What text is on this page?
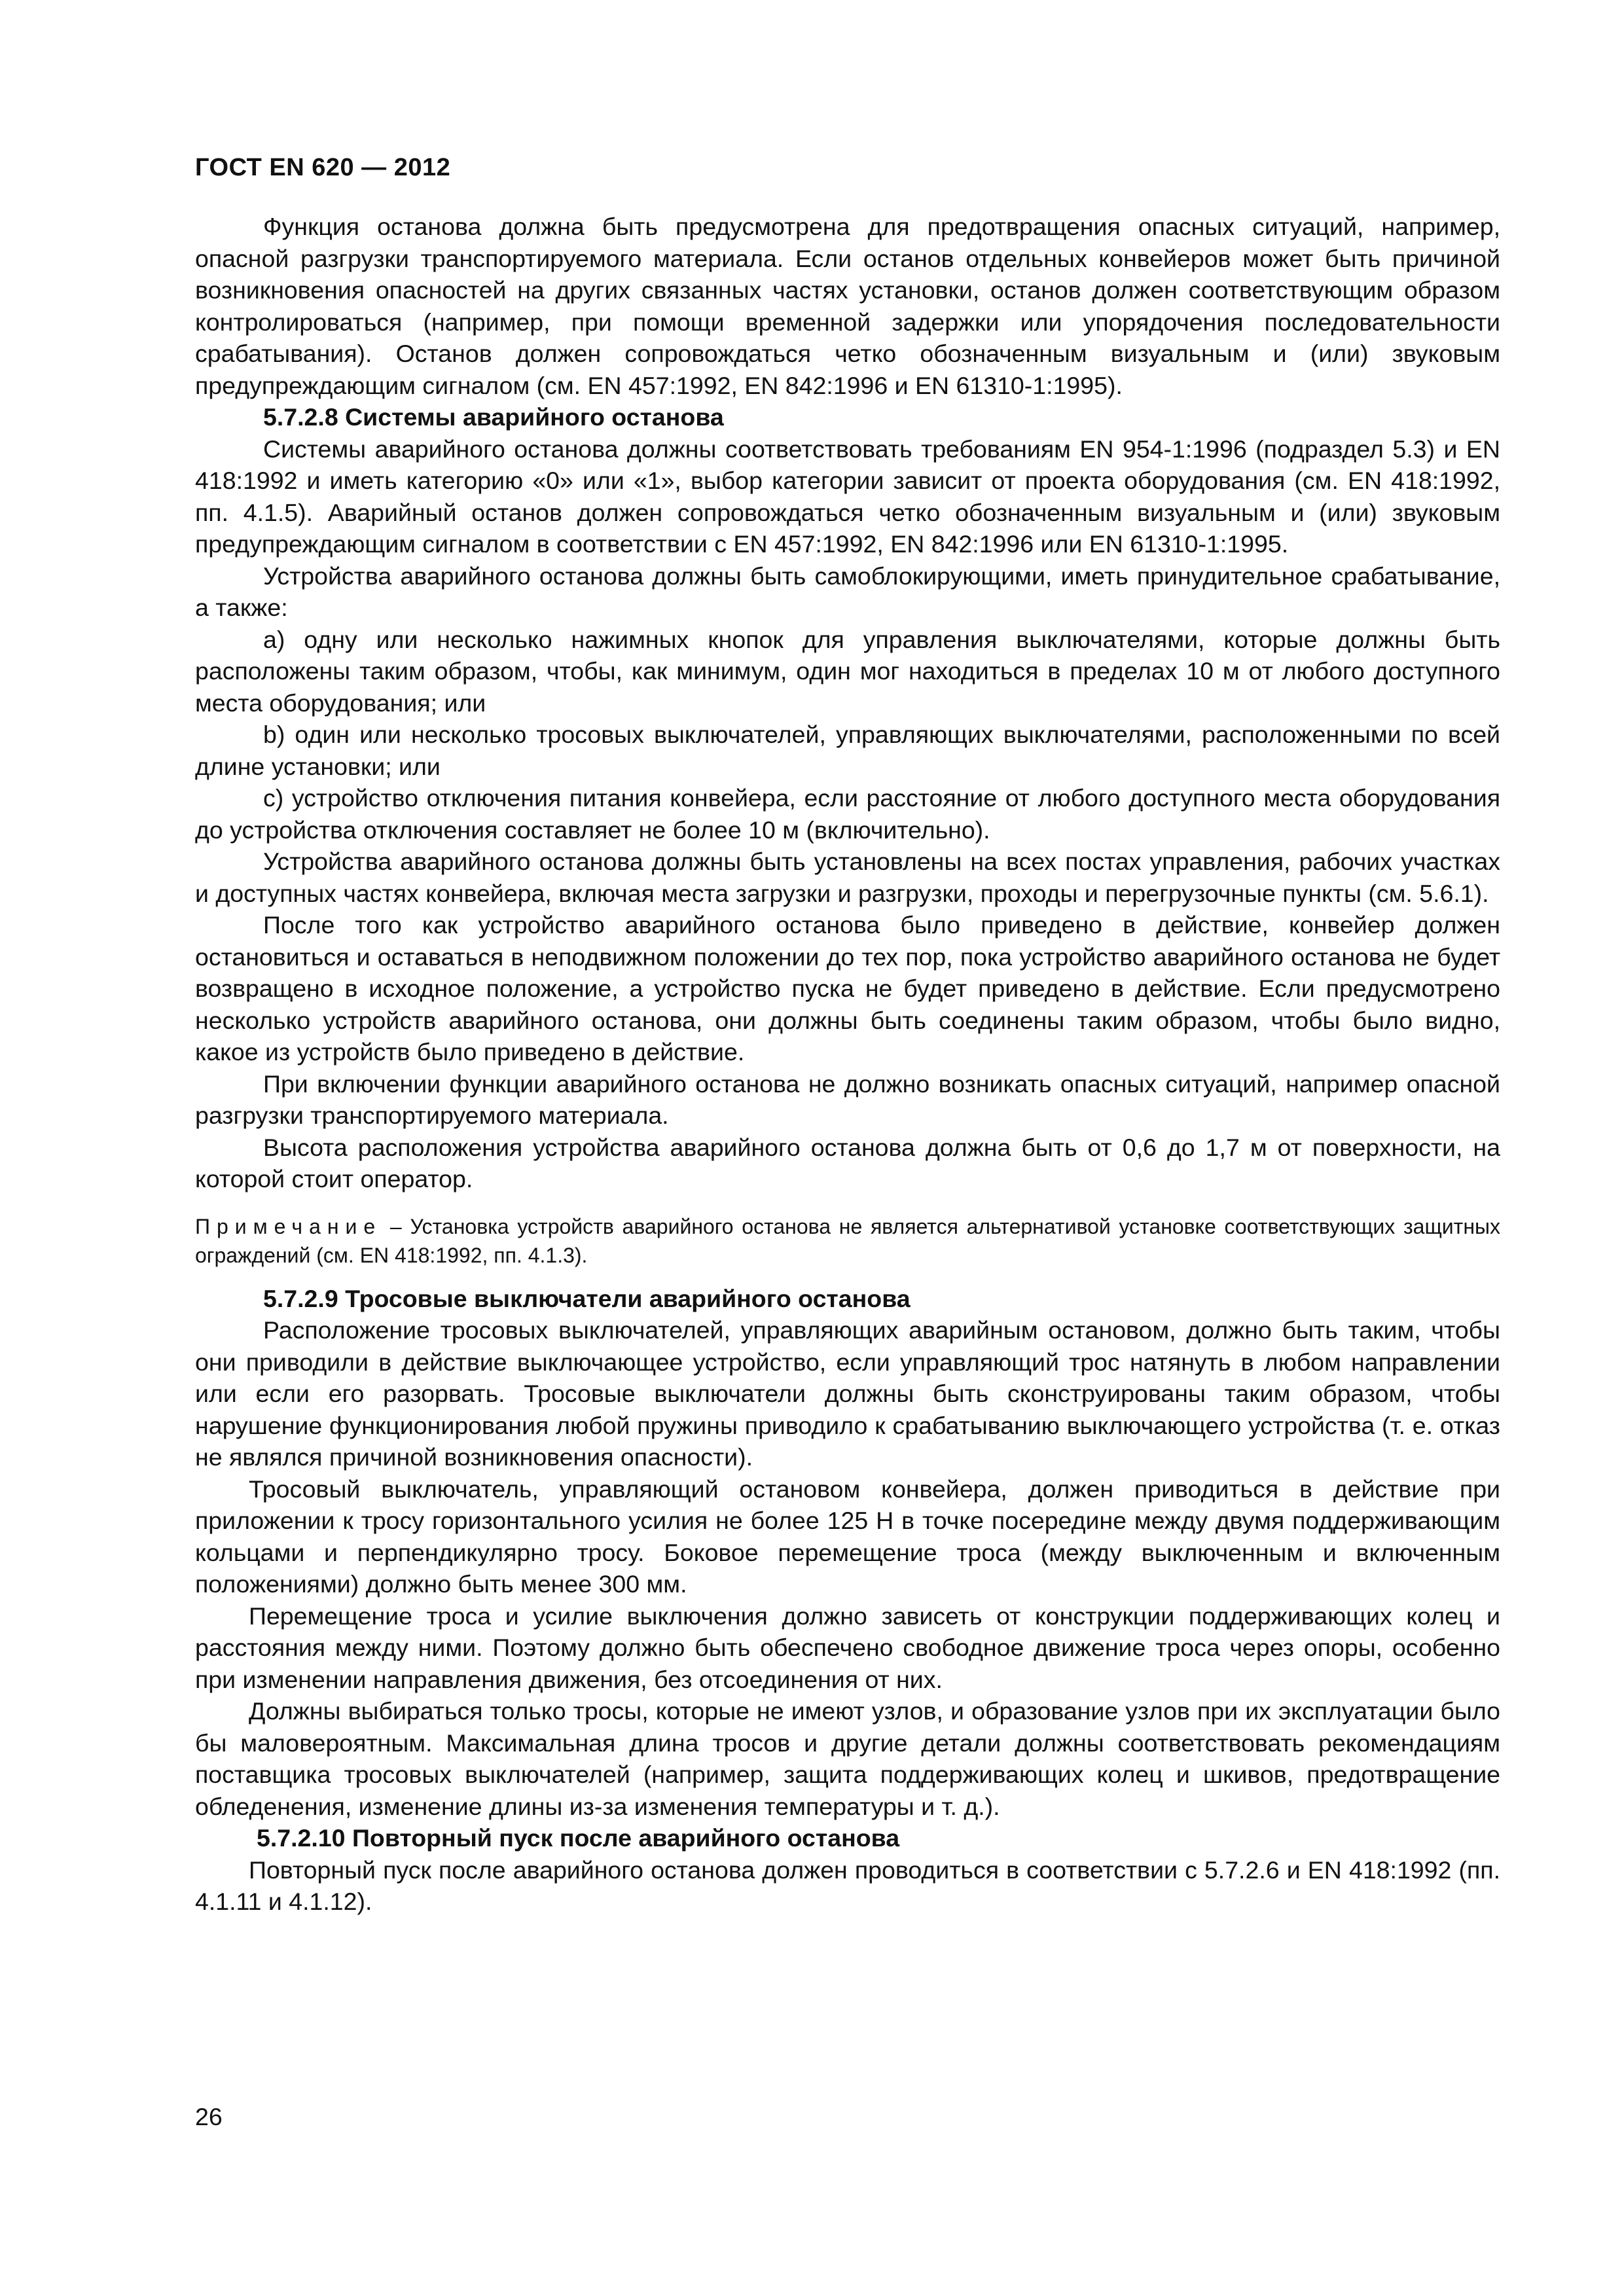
ГОСТ EN 620 — 2012

Функция останова должна быть предусмотрена для предотвращения опасных ситуаций, например, опасной разгрузки транспортируемого материала. Если останов отдельных конвейеров может быть причиной возникновения опасностей на других связанных частях установки, останов должен соответствующим образом контролироваться (например, при помощи временной задержки или упорядочения последовательности срабатывания). Останов должен сопровождаться четко обозначенным визуальным и (или) звуковым предупреждающим сигналом (см. EN 457:1992, EN 842:1996 и EN 61310-1:1995).

5.7.2.8 Системы аварийного останова

Системы аварийного останова должны соответствовать требованиям EN 954-1:1996 (подраздел 5.3) и EN 418:1992 и иметь категорию «0» или «1», выбор категории зависит от проекта оборудования (см. EN 418:1992, пп. 4.1.5). Аварийный останов должен сопровождаться четко обозначенным визуальным и (или) звуковым предупреждающим сигналом в соответствии с EN 457:1992, EN 842:1996 или EN 61310-1:1995.

Устройства аварийного останова должны быть самоблокирующими, иметь принудительное срабатывание, а также:

a) одну или несколько нажимных кнопок для управления выключателями, которые должны быть расположены таким образом, чтобы, как минимум, один мог находиться в пределах 10 м от любого доступного места оборудования; или

b) один или несколько тросовых выключателей, управляющих выключателями, расположенными по всей длине установки; или

c) устройство отключения питания конвейера, если расстояние от любого доступного места оборудования до устройства отключения составляет не более 10 м (включительно).

Устройства аварийного останова должны быть установлены на всех постах управления, рабочих участках и доступных частях конвейера, включая места загрузки и разгрузки, проходы и перегрузочные пункты (см. 5.6.1).

После того как устройство аварийного останова было приведено в действие, конвейер должен остановиться и оставаться в неподвижном положении до тех пор, пока устройство аварийного останова не будет возвращено в исходное положение, а устройство пуска не будет приведено в действие. Если предусмотрено несколько устройств аварийного останова, они должны быть соединены таким образом, чтобы было видно, какое из устройств было приведено в действие.

При включении функции аварийного останова не должно возникать опасных ситуаций, например опасной разгрузки транспортируемого материала.

Высота расположения устройства аварийного останова должна быть от 0,6 до 1,7 м от поверхности, на которой стоит оператор.

Примечание – Установка устройств аварийного останова не является альтернативой установке соответствующих защитных ограждений (см. EN 418:1992, пп. 4.1.3).

5.7.2.9 Тросовые выключатели аварийного останова

Расположение тросовых выключателей, управляющих аварийным остановом, должно быть таким, чтобы они приводили в действие выключающее устройство, если управляющий трос натянуть в любом направлении или если его разорвать. Тросовые выключатели должны быть сконструированы таким образом, чтобы нарушение функционирования любой пружины приводило к срабатыванию выключающего устройства (т. е. отказ не являлся причиной возникновения опасности).

Тросовый выключатель, управляющий остановом конвейера, должен приводиться в действие при приложении к тросу горизонтального усилия не более 125 Н в точке посередине между двумя поддерживающим кольцами и перпендикулярно тросу. Боковое перемещение троса (между выключенным и включенным положениями) должно быть менее 300 мм.

Перемещение троса и усилие выключения должно зависеть от конструкции поддерживающих колец и расстояния между ними. Поэтому должно быть обеспечено свободное движение троса через опоры, особенно при изменении направления движения, без отсоединения от них.

Должны выбираться только тросы, которые не имеют узлов, и образование узлов при их эксплуатации было бы маловероятным. Максимальная длина тросов и другие детали должны соответствовать рекомендациям поставщика тросовых выключателей (например, защита поддерживающих колец и шкивов, предотвращение обледенения, изменение длины из-за изменения температуры и т. д.).

5.7.2.10 Повторный пуск после аварийного останова

Повторный пуск после аварийного останова должен проводиться в соответствии с 5.7.2.6 и EN 418:1992 (пп. 4.1.11 и 4.1.12).

26
